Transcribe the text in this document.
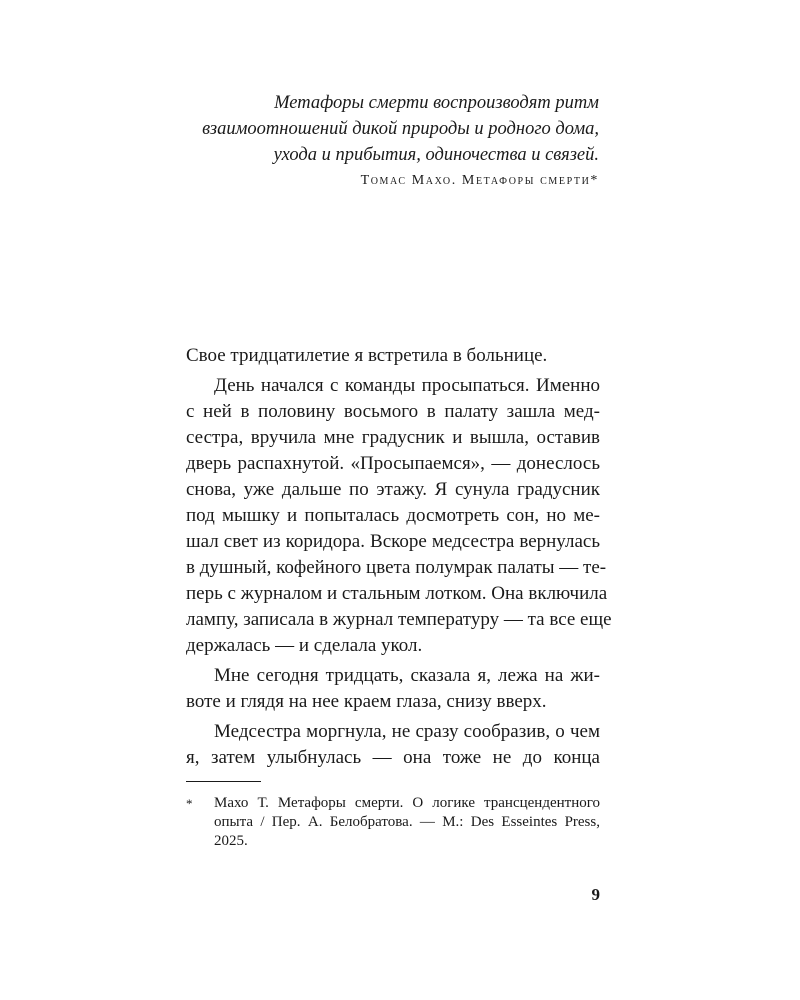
Метафоры смерти воспроизводят ритм
взаимоотношений дикой природы и родного дома,
ухода и прибытия, одиночества и связей.
Томас Махо. Метафоры смерти*
Свое тридцатилетие я встретила в больнице.
День начался с команды просыпаться. Именно
с ней в половину восьмого в палату зашла мед-
сестра, вручила мне градусник и вышла, оставив
дверь распахнутой. «Просыпаемся», — донеслось
снова, уже дальше по этажу. Я сунула градусник
под мышку и попыталась досмотреть сон, но ме-
шал свет из коридора. Вскоре медсестра вернулась
в душный, кофейного цвета полумрак палаты — те-
перь с журналом и стальным лотком. Она включила
лампу, записала в журнал температуру — та все еще
держалась — и сделала укол.
Мне сегодня тридцать, сказала я, лежа на жи-
воте и глядя на нее краем глаза, снизу вверх.
Медсестра моргнула, не сразу сообразив, о чем
я, затем улыбнулась — она тоже не до конца
* Махо Т. Метафоры смерти. О логике трансцендентного
опыта / Пер. А. Белобратова. — М.: Des Esseintes Press,
2025.
9
